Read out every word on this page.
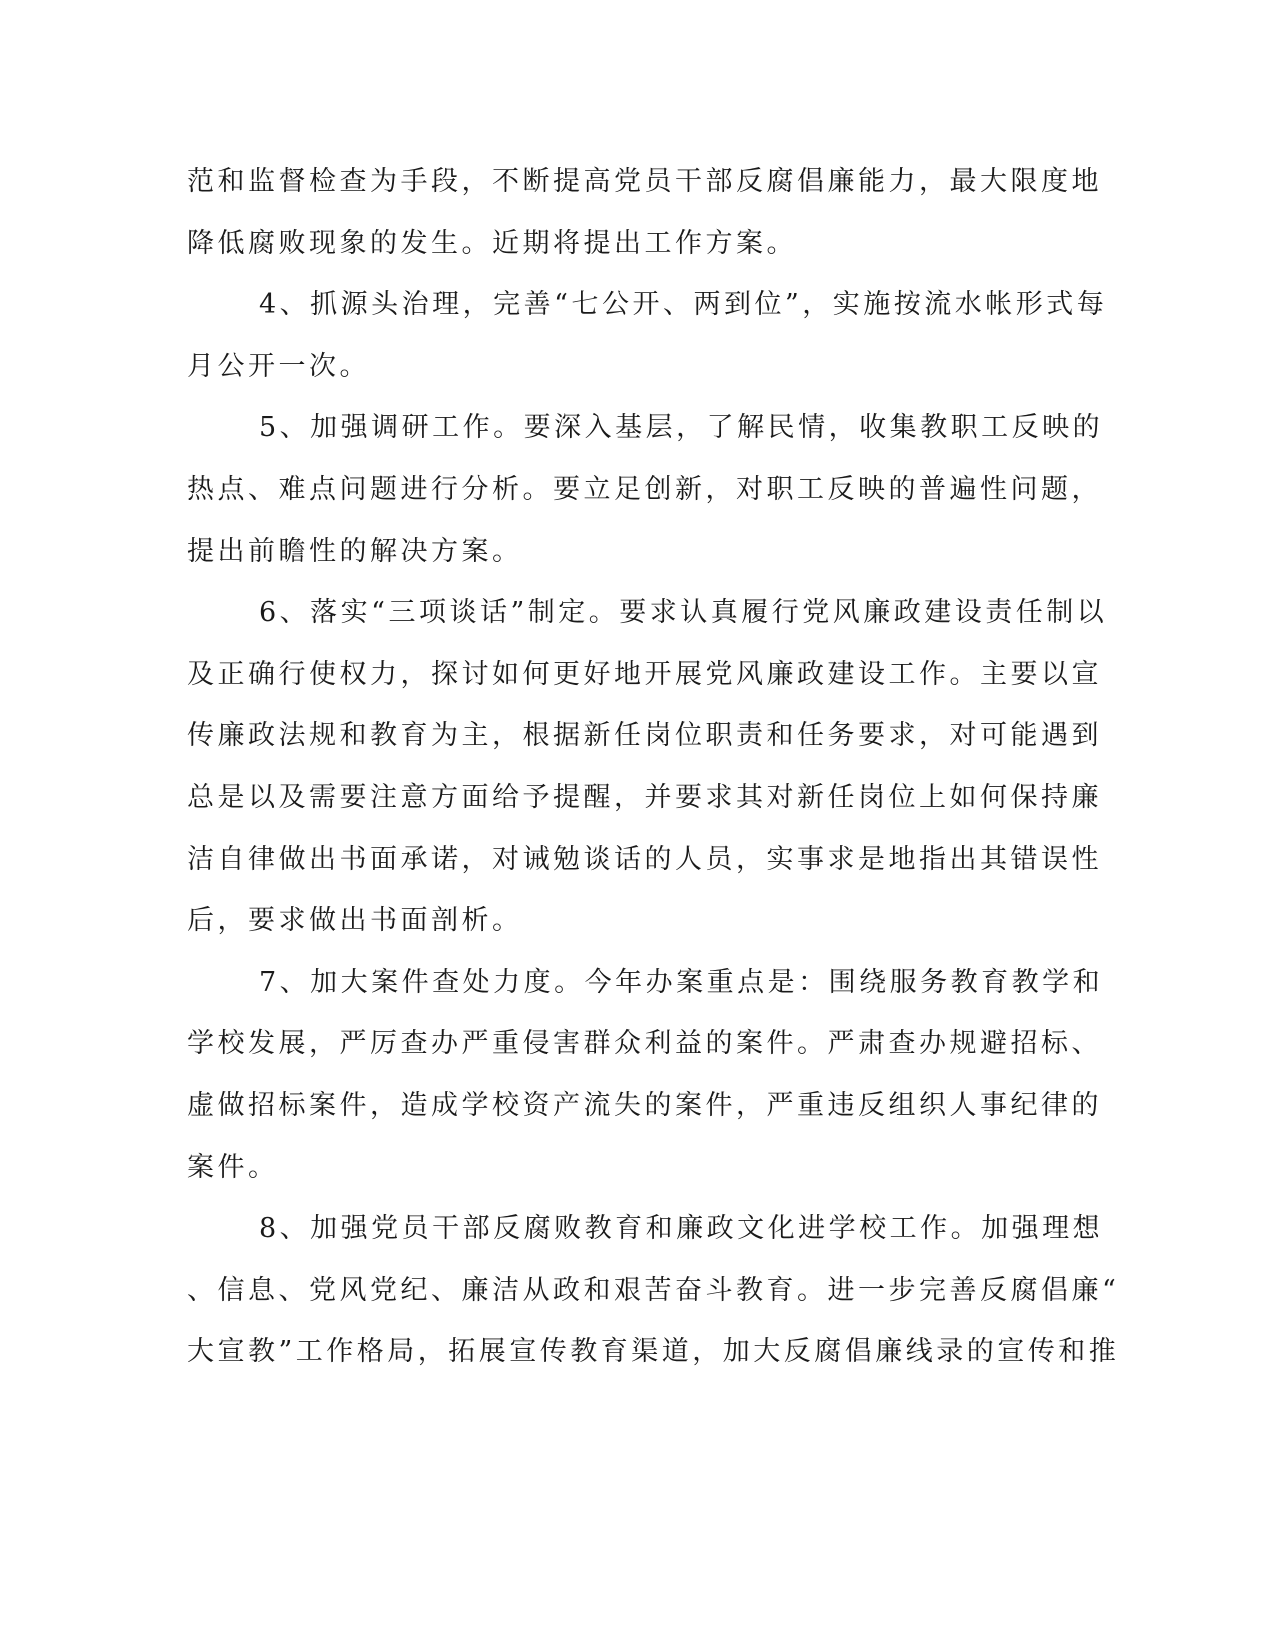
范和监督检查为手段，不断提高党员干部反腐倡廉能力，最大限度地
降低腐败现象的发生。近期将提出工作方案。
4、抓源头治理，完善“七公开、两到位”，实施按流水帐形式每
月公开一次。
5、加强调研工作。要深入基层，了解民情，收集教职工反映的
热点、难点问题进行分析。要立足创新，对职工反映的普遍性问题，
提出前瞻性的解决方案。
6、落实“三项谈话”制定。要求认真履行党风廉政建设责任制以
及正确行使权力，探讨如何更好地开展党风廉政建设工作。主要以宣
传廉政法规和教育为主，根据新任岗位职责和任务要求，对可能遇到
总是以及需要注意方面给予提醒，并要求其对新任岗位上如何保持廉
洁自律做出书面承诺，对诫勉谈话的人员，实事求是地指出其错误性
后，要求做出书面剖析。
7、加大案件查处力度。今年办案重点是：围绕服务教育教学和
学校发展，严厉查办严重侵害群众利益的案件。严肃查办规避招标、
虚做招标案件，造成学校资产流失的案件，严重违反组织人事纪律的
案件。
8、加强党员干部反腐败教育和廉政文化进学校工作。加强理想
、信息、党风党纪、廉洁从政和艰苦奋斗教育。进一步完善反腐倡廉“
大宣教”工作格局，拓展宣传教育渠道，加大反腐倡廉线录的宣传和推
